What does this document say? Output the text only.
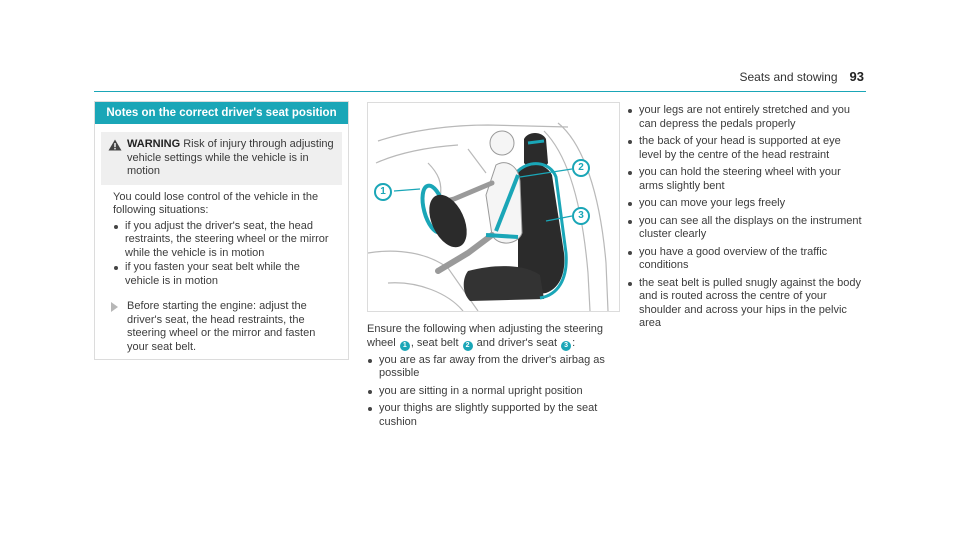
Seats and stowing 93
Notes on the correct driver's seat position
WARNING Risk of injury through adjusting vehicle settings while the vehicle is in motion
You could lose control of the vehicle in the following situations:
if you adjust the driver's seat, the head restraints, the steering wheel or the mirror while the vehicle is in motion
if you fasten your seat belt while the vehicle is in motion
Before starting the engine: adjust the driver's seat, the head restraints, the steering wheel or the mirror and fasten your seat belt.
1
2
3
Ensure the following when adjusting the steering wheel 1 , seat belt 2 and driver's seat 3 :
you are as far away from the driver's airbag as possible
you are sitting in a normal upright position
your thighs are slightly supported by the seat cushion
your legs are not entirely stretched and you can depress the pedals properly
the back of your head is supported at eye level by the centre of the head restraint
you can hold the steering wheel with your arms slightly bent
you can move your legs freely
you can see all the displays on the instrument cluster clearly
you have a good overview of the traffic conditions
the seat belt is pulled snugly against the body and is routed across the centre of your shoulder and across your hips in the pelvic area
